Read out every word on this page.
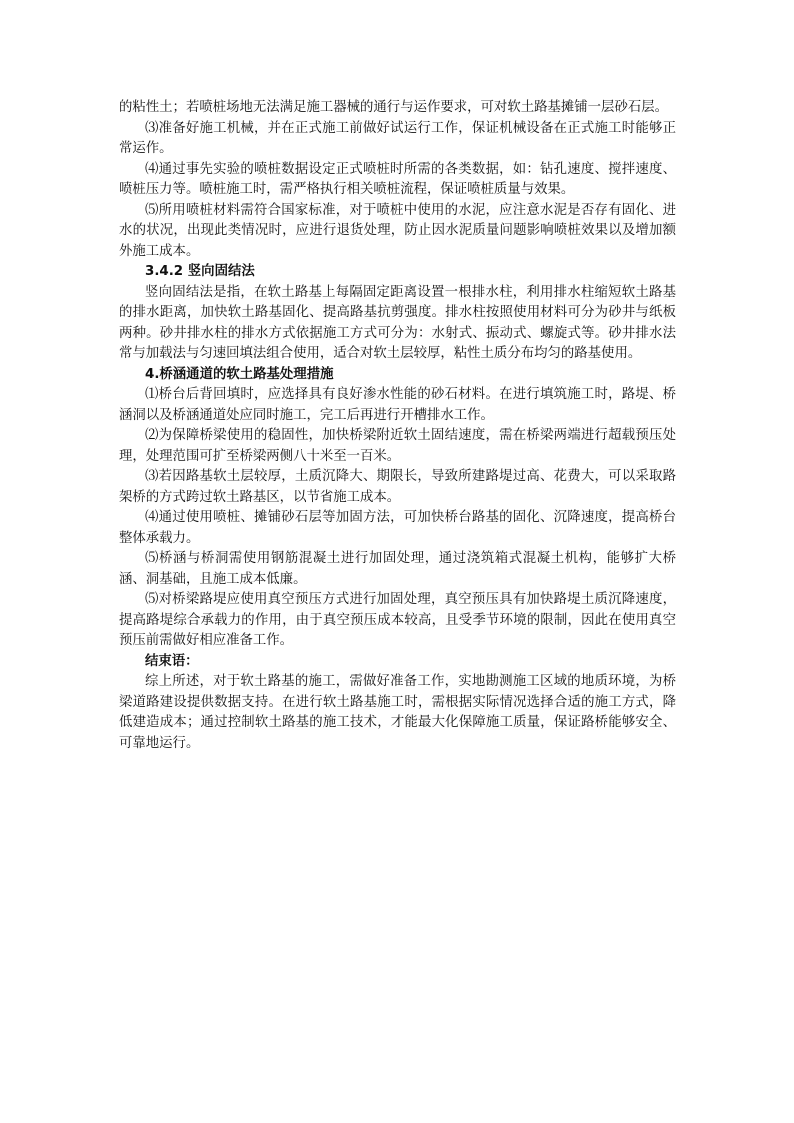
的粘性土；若喷桩场地无法满足施工器械的通行与运作要求，可对软土路基摊铺一层砂石层。

⑶准备好施工机械，并在正式施工前做好试运行工作，保证机械设备在正式施工时能够正常运作。

⑷通过事先实验的喷桩数据设定正式喷桩时所需的各类数据，如：钻孔速度、搅拌速度、喷桩压力等。喷桩施工时，需严格执行相关喷桩流程，保证喷桩质量与效果。

⑸所用喷桩材料需符合国家标准，对于喷桩中使用的水泥，应注意水泥是否存有固化、进水的状况，出现此类情况时，应进行退货处理，防止因水泥质量问题影响喷桩效果以及增加额外施工成本。

3.4.2 竖向固结法

竖向固结法是指，在软土路基上每隔固定距离设置一根排水柱，利用排水柱缩短软土路基的排水距离，加快软土路基固化、提高路基抗剪强度。排水柱按照使用材料可分为砂井与纸板两种。砂井排水柱的排水方式依据施工方式可分为：水射式、振动式、螺旋式等。砂井排水法常与加载法与匀速回填法组合使用，适合对软土层较厚，粘性土质分布均匀的路基使用。

4.桥涵通道的软土路基处理措施

⑴桥台后背回填时，应选择具有良好渗水性能的砂石材料。在进行填筑施工时，路堤、桥涵洞以及桥涵通道处应同时施工，完工后再进行开槽排水工作。

⑵为保障桥梁使用的稳固性，加快桥梁附近软土固结速度，需在桥梁两端进行超载预压处理，处理范围可扩至桥梁两侧八十米至一百米。

⑶若因路基软土层较厚，土质沉降大、期限长，导致所建路堤过高、花费大，可以采取路架桥的方式跨过软土路基区，以节省施工成本。

⑷通过使用喷桩、摊铺砂石层等加固方法，可加快桥台路基的固化、沉降速度，提高桥台整体承载力。

⑸桥涵与桥洞需使用钢筋混凝土进行加固处理，通过浇筑箱式混凝土机构，能够扩大桥涵、洞基础，且施工成本低廉。

⑸对桥梁路堤应使用真空预压方式进行加固处理，真空预压具有加快路堤土质沉降速度，提高路堤综合承载力的作用，由于真空预压成本较高，且受季节环境的限制，因此在使用真空预压前需做好相应准备工作。

结束语：

综上所述，对于软土路基的施工，需做好准备工作，实地勘测施工区域的地质环境，为桥梁道路建设提供数据支持。在进行软土路基施工时，需根据实际情况选择合适的施工方式，降低建造成本；通过控制软土路基的施工技术，才能最大化保障施工质量，保证路桥能够安全、可靠地运行。
